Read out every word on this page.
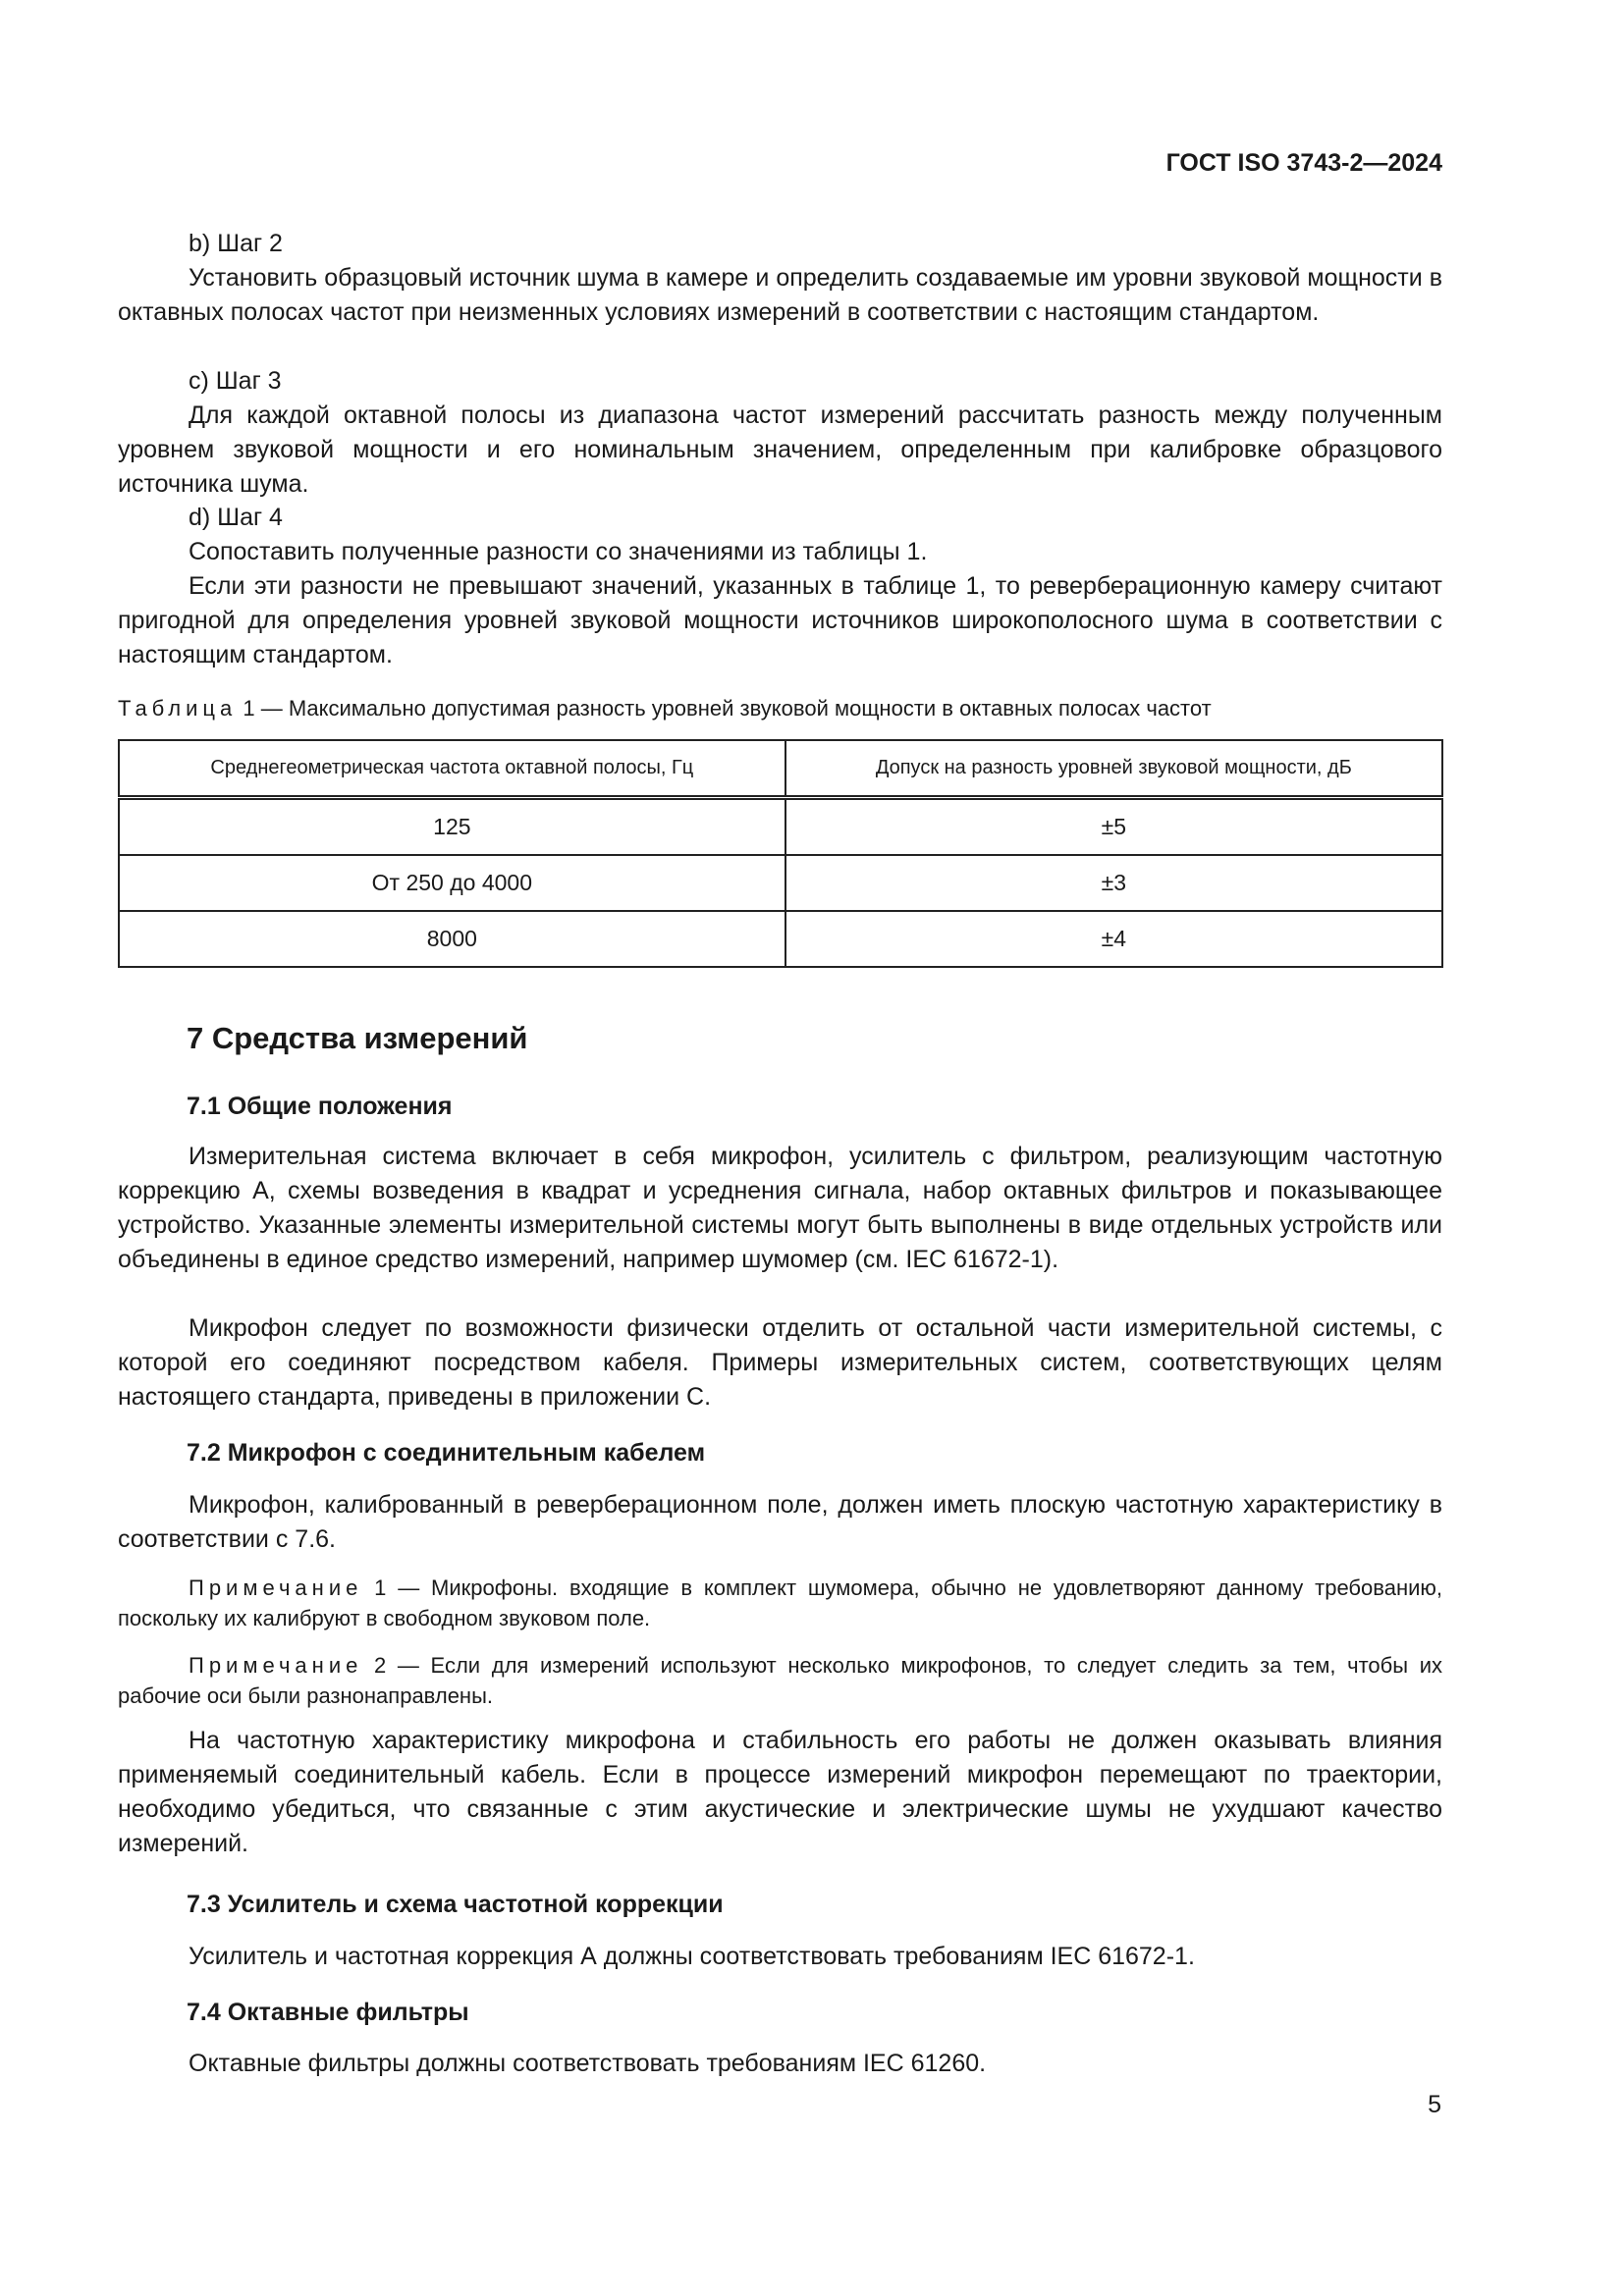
ГОСТ ISO 3743-2—2024
b) Шаг 2
Установить образцовый источник шума в камере и определить создаваемые им уровни звуковой мощности в октавных полосах частот при неизменных условиях измерений в соответствии с настоящим стандартом.
c) Шаг 3
Для каждой октавной полосы из диапазона частот измерений рассчитать разность между полученным уровнем звуковой мощности и его номинальным значением, определенным при калибровке образцового источника шума.
d) Шаг 4
Сопоставить полученные разности со значениями из таблицы 1.
Если эти разности не превышают значений, указанных в таблице 1, то реверберационную камеру считают пригодной для определения уровней звуковой мощности источников широкополосного шума в соответствии с настоящим стандартом.
Таблица 1 — Максимально допустимая разность уровней звуковой мощности в октавных полосах частот
Среднегеометрическая частота октавной полосы, Гц	Допуск на разность уровней звуковой мощности, дБ
125	±5
От 250 до 4000	±3
8000	±4
7 Средства измерений
7.1 Общие положения
Измерительная система включает в себя микрофон, усилитель с фильтром, реализующим частотную коррекцию А, схемы возведения в квадрат и усреднения сигнала, набор октавных фильтров и показывающее устройство. Указанные элементы измерительной системы могут быть выполнены в виде отдельных устройств или объединены в единое средство измерений, например шумомер (см. IEC 61672-1).
Микрофон следует по возможности физически отделить от остальной части измерительной системы, с которой его соединяют посредством кабеля. Примеры измерительных систем, соответствующих целям настоящего стандарта, приведены в приложении С.
7.2 Микрофон с соединительным кабелем
Микрофон, калиброванный в реверберационном поле, должен иметь плоскую частотную характеристику в соответствии с 7.6.
Примечание 1 — Микрофоны. входящие в комплект шумомера, обычно не удовлетворяют данному требованию, поскольку их калибруют в свободном звуковом поле.
Примечание 2 — Если для измерений используют несколько микрофонов, то следует следить за тем, чтобы их рабочие оси были разнонаправлены.
На частотную характеристику микрофона и стабильность его работы не должен оказывать влияния применяемый соединительный кабель. Если в процессе измерений микрофон перемещают по траектории, необходимо убедиться, что связанные с этим акустические и электрические шумы не ухудшают качество измерений.
7.3 Усилитель и схема частотной коррекции
Усилитель и частотная коррекция А должны соответствовать требованиям IEC 61672-1.
7.4 Октавные фильтры
Октавные фильтры должны соответствовать требованиям IEC 61260.
5
